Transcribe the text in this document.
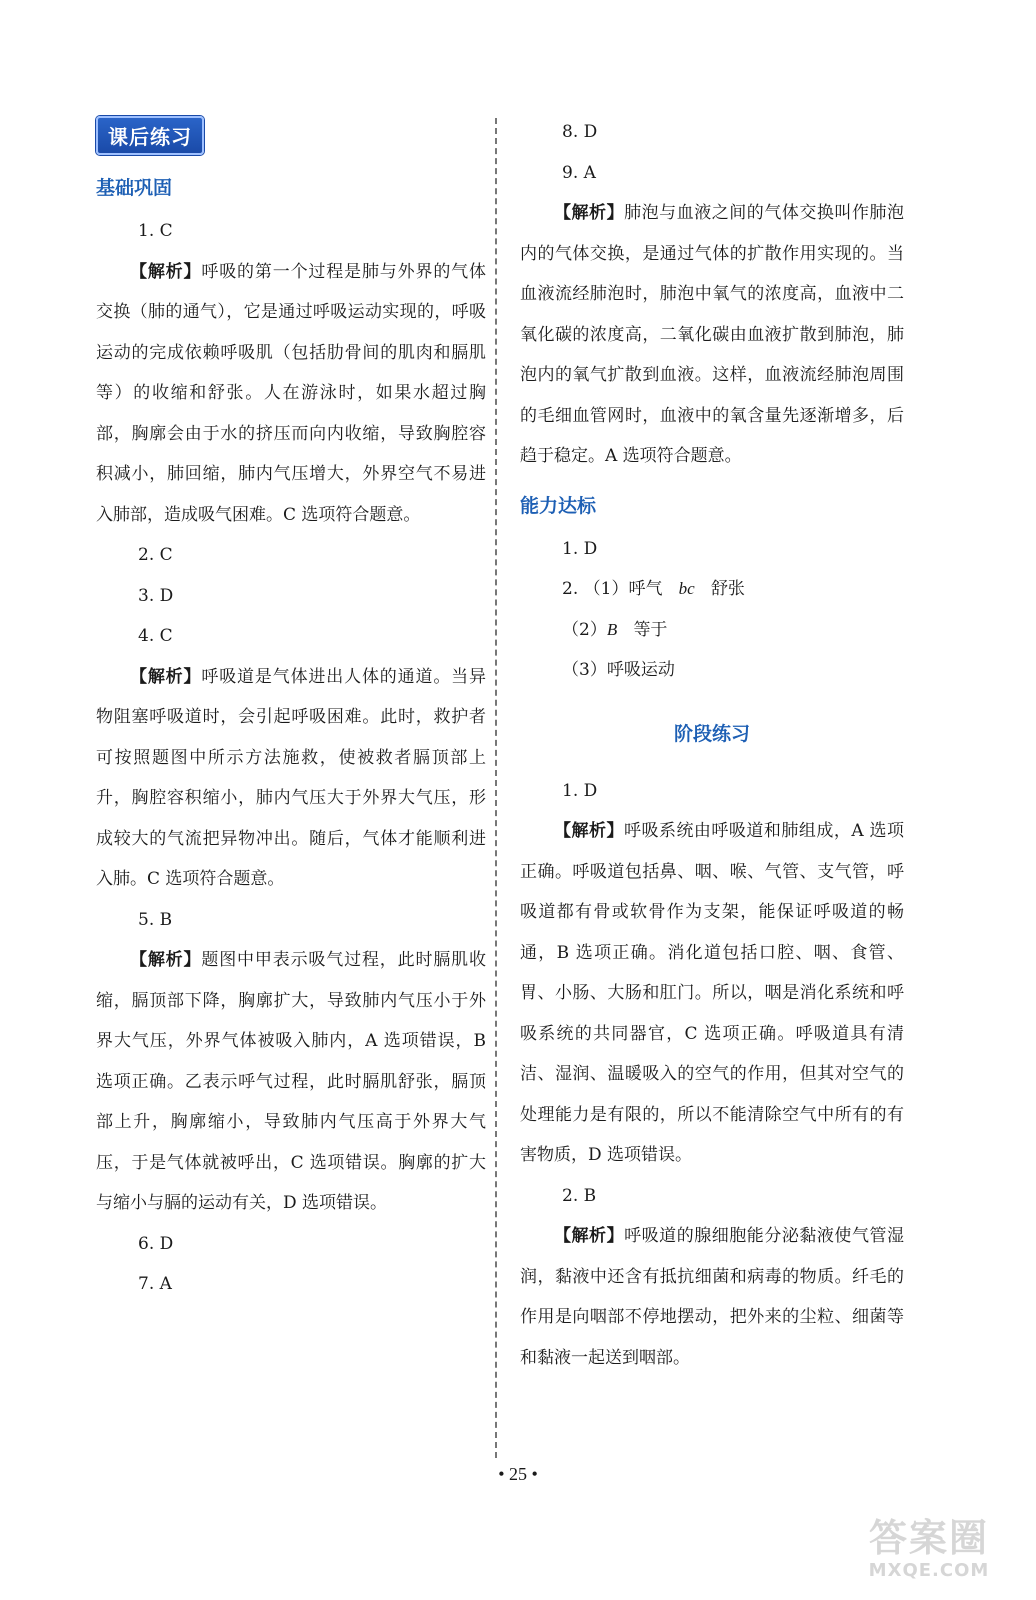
课后练习
基础巩固
1. C

【解析】呼吸的第一个过程是肺与外界的气体交换（肺的通气），它是通过呼吸运动实现的，呼吸运动的完成依赖呼吸肌（包括肋骨间的肌肉和膈肌等）的收缩和舒张。人在游泳时，如果水超过胸部，胸廓会由于水的挤压而向内收缩，导致胸腔容积减小，肺回缩，肺内气压增大，外界空气不易进入肺部，造成吸气困难。C 选项符合题意。

2. C
3. D
4. C

【解析】呼吸道是气体进出人体的通道。当异物阻塞呼吸道时，会引起呼吸困难。此时，救护者可按照题图中所示方法施救，使被救者膈顶部上升，胸腔容积缩小，肺内气压大于外界大气压，形成较大的气流把异物冲出。随后，气体才能顺利进入肺。C 选项符合题意。

5. B

【解析】题图中甲表示吸气过程，此时膈肌收缩，膈顶部下降，胸廓扩大，导致肺内气压小于外界大气压，外界气体被吸入肺内，A 选项错误，B 选项正确。乙表示呼气过程，此时膈肌舒张，膈顶部上升，胸廓缩小，导致肺内气压高于外界大气压，于是气体就被呼出，C 选项错误。胸廓的扩大与缩小与膈的运动有关，D 选项错误。

6. D
7. A
8. D
9. A

【解析】肺泡与血液之间的气体交换叫作肺泡内的气体交换，是通过气体的扩散作用实现的。当血液流经肺泡时，肺泡中氧气的浓度高，血液中二氧化碳的浓度高，二氧化碳由血液扩散到肺泡，肺泡内的氧气扩散到血液。这样，血液流经肺泡周围的毛细血管网时，血液中的氧含量先逐渐增多，后趋于稳定。A 选项符合题意。

能力达标
1. D
2. （1）呼气 bc 舒张
（2）B 等于
（3）呼吸运动
阶段练习
1. D

【解析】呼吸系统由呼吸道和肺组成，A 选项正确。呼吸道包括鼻、咽、喉、气管、支气管，呼吸道都有骨或软骨作为支架，能保证呼吸道的畅通，B 选项正确。消化道包括口腔、咽、食管、胃、小肠、大肠和肛门。所以，咽是消化系统和呼吸系统的共同器官，C 选项正确。呼吸道具有清洁、湿润、温暖吸入的空气的作用，但其对空气的处理能力是有限的，所以不能清除空气中所有的有害物质，D 选项错误。

2. B

【解析】呼吸道的腺细胞能分泌黏液使气管湿润，黏液中还含有抵抗细菌和病毒的物质。纤毛的作用是向咽部不停地摆动，把外来的尘粒、细菌等和黏液一起送到咽部。

• 25 •
答案圈
MXQE.COM
